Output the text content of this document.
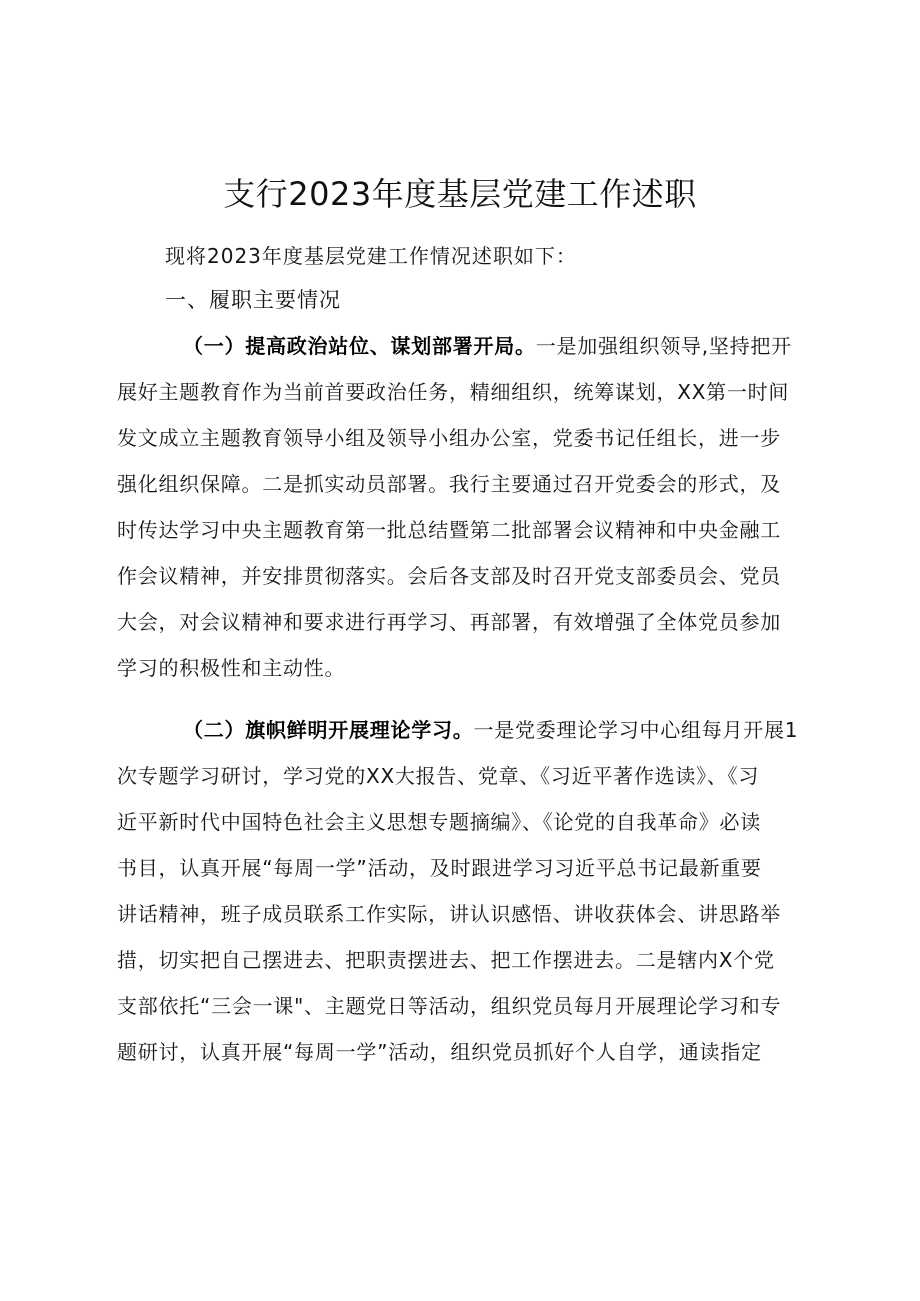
支行2023年度基层党建工作述职
现将2023年度基层党建工作情况述职如下：
一、履职主要情况
（一）提高政治站位、谋划部署开局。一是加强组织领导,坚持把开
展好主题教育作为当前首要政治任务，精细组织，统筹谋划，XX第一时间
发文成立主题教育领导小组及领导小组办公室，党委书记任组长，进一步
强化组织保障。二是抓实动员部署。我行主要通过召开党委会的形式，及
时传达学习中央主题教育第一批总结暨第二批部署会议精神和中央金融工
作会议精神，并安排贯彻落实。会后各支部及时召开党支部委员会、党员
大会，对会议精神和要求进行再学习、再部署，有效增强了全体党员参加
学习的积极性和主动性。
（二）旗帜鲜明开展理论学习。一是党委理论学习中心组每月开展1
次专题学习研讨，学习党的XX大报告、党章、《习近平著作选读》、《习
近平新时代中国特色社会主义思想专题摘编》、《论党的自我革命》必读
书目，认真开展“每周一学”活动，及时跟进学习习近平总书记最新重要
讲话精神，班子成员联系工作实际，讲认识感悟、讲收获体会、讲思路举
措，切实把自己摆进去、把职责摆进去、把工作摆进去。二是辖内X个党
支部依托“三会一课"、主题党日等活动，组织党员每月开展理论学习和专
题研讨，认真开展“每周一学”活动，组织党员抓好个人自学，通读指定
